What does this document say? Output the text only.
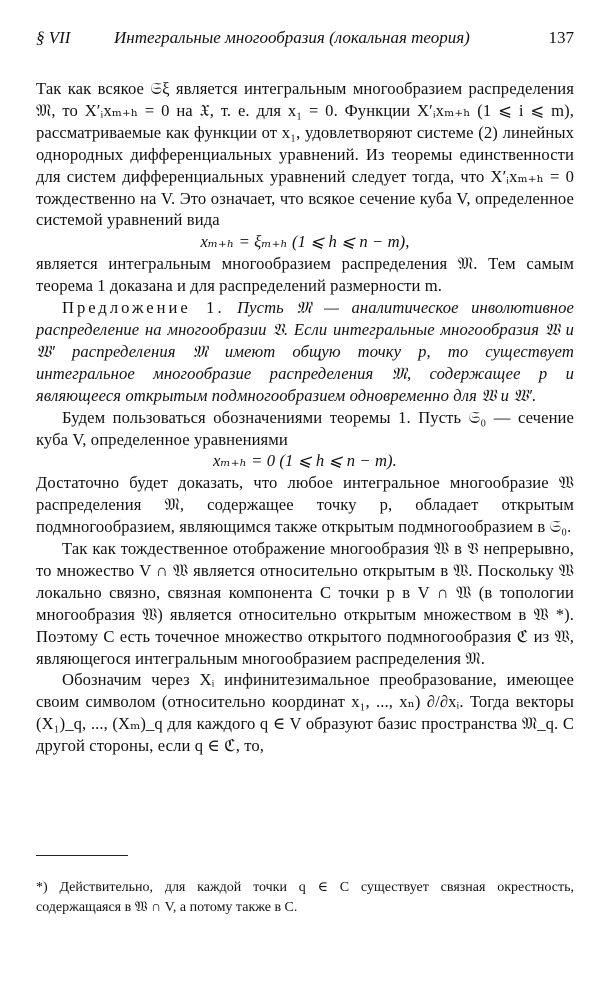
§ VII	Интегральные многообразия (локальная теория)	137

Так как всякое 𝔖ξ является интегральным многообразием распределения 𝔐, то X′ᵢxₘ₊ₕ = 0 на 𝔛, т. е. для x₁ = 0. Функции X′ᵢxₘ₊ₕ (1 ⩽ i ⩽ m), рассматриваемые как функции от x₁, удовлетворяют системе (2) линейных однородных дифференциальных уравнений. Из теоремы единственности для систем дифференциальных уравнений следует тогда, что X′ᵢxₘ₊ₕ = 0 тождественно на V. Это означает, что всякое сечение куба V, определенное системой уравнений вида

xₘ₊ₕ = ξₘ₊ₕ (1 ⩽ h ⩽ n − m),

является интегральным многообразием распределения 𝔐. Тем самым теорема 1 доказана и для распределений размерности m.

Предложение 1. Пусть 𝔐 — аналитическое инволютивное распределение на многообразии 𝔙. Если интегральные многообразия 𝔚 и 𝔚′ распределения 𝔐 имеют общую точку p, то существует интегральное многообразие распределения 𝔐, содержащее p и являющееся открытым подмногообразием одновременно для 𝔚 и 𝔚′.

Будем пользоваться обозначениями теоремы 1. Пусть 𝔖₀ — сечение куба V, определенное уравнениями

xₘ₊ₕ = 0 (1 ⩽ h ⩽ n − m).

Достаточно будет доказать, что любое интегральное многообразие 𝔚 распределения 𝔐, содержащее точку p, обладает открытым подмногообразием, являющимся также открытым подмногообразием в 𝔖₀.

Так как тождественное отображение многообразия 𝔚 в 𝔙 непрерывно, то множество V ∩ 𝔚 является относительно открытым в 𝔚. Поскольку 𝔚 локально связно, связная компонента C точки p в V ∩ 𝔚 (в топологии многообразия 𝔚) является относительно открытым множеством в 𝔚 *). Поэтому C есть точечное множество открытого подмногообразия ℭ из 𝔚, являющегося интегральным многообразием распределения 𝔐.

Обозначим через Xᵢ инфинитезимальное преобразование, имеющее своим символом (относительно координат x₁, ..., xₙ) ∂/∂xᵢ. Тогда векторы (X₁)_q, ..., (Xₘ)_q для каждого q ∈ V образуют базис пространства 𝔐_q. С другой стороны, если q ∈ ℭ, то,

*) Действительно, для каждой точки q ∈ C существует связная окрестность, содержащаяся в 𝔚 ∩ V, а потому также в C.
